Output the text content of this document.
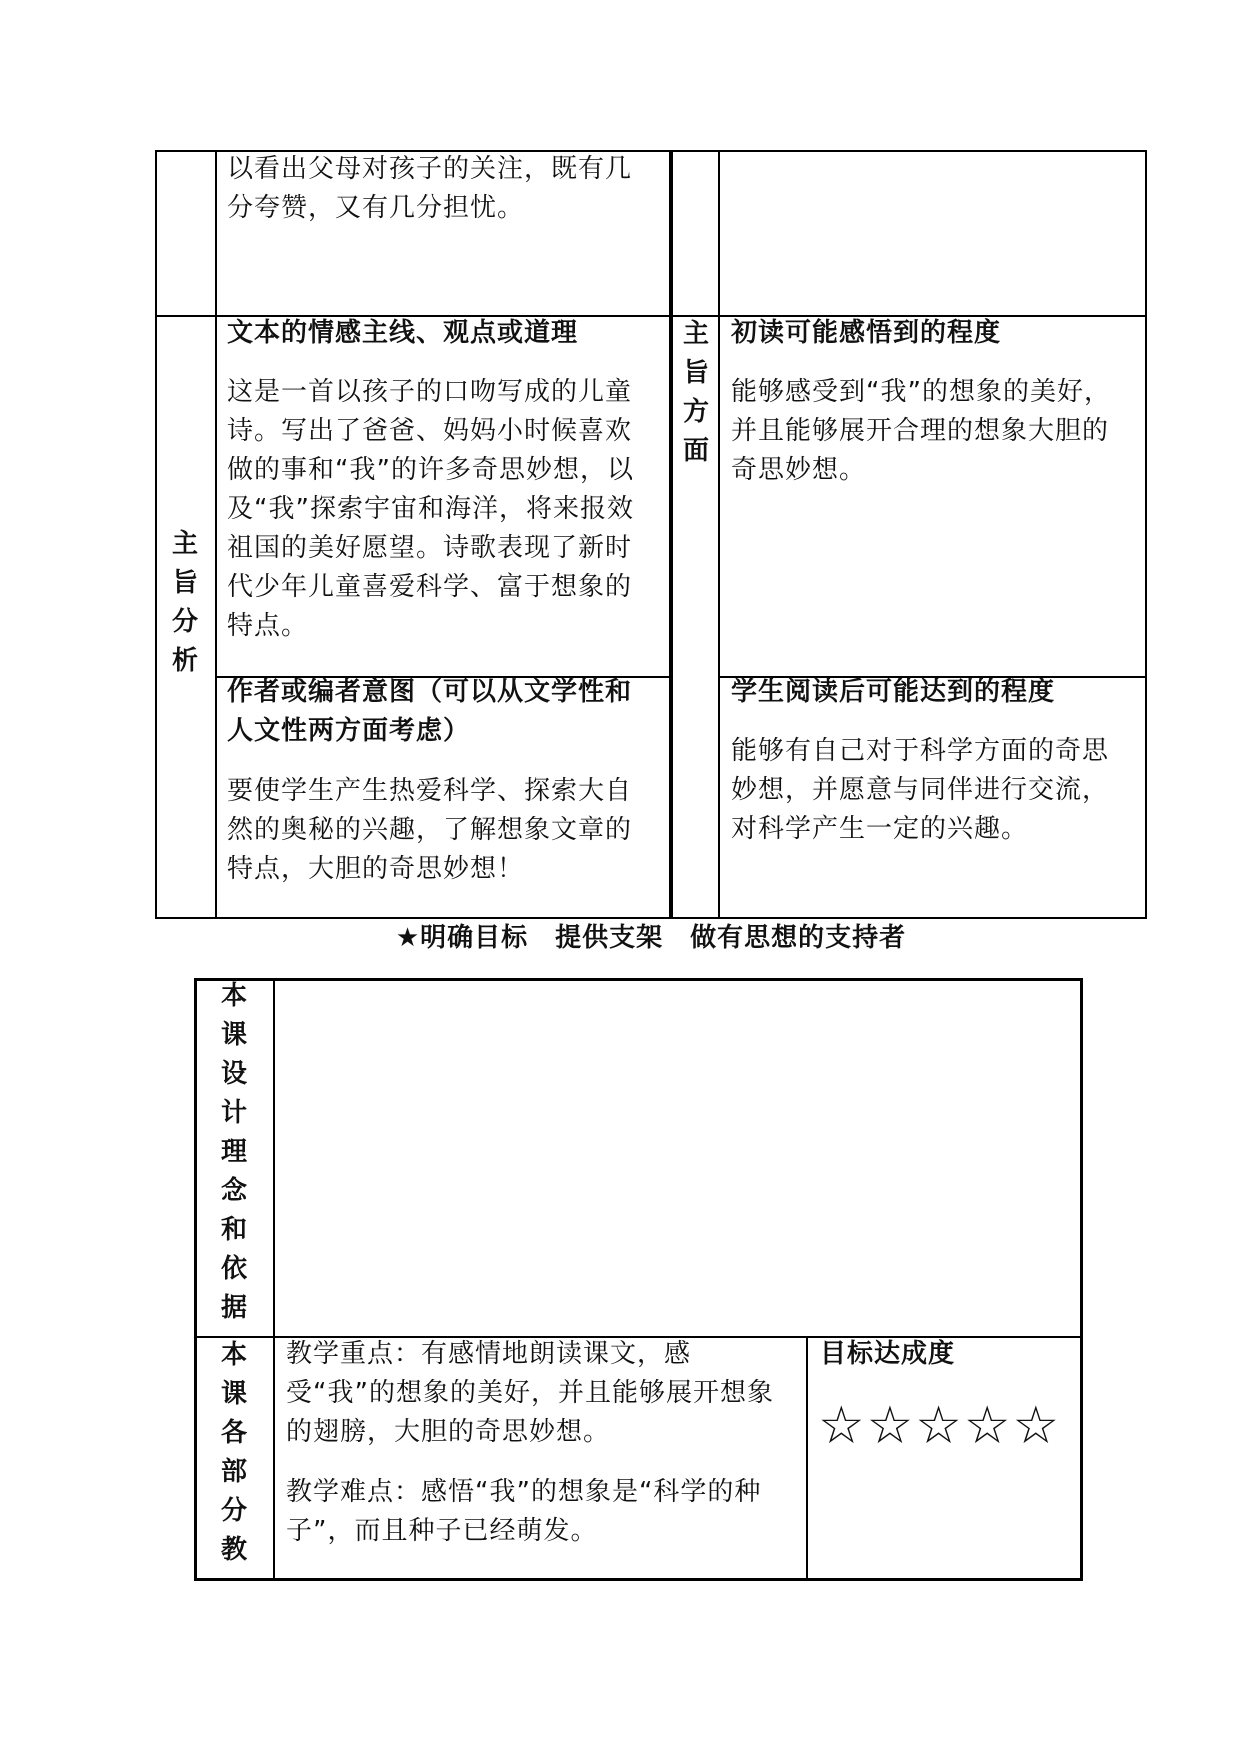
以看出父母对孩子的关注，既有几分夸赞，又有几分担忧。

主旨分析
主旨方面

文本的情感主线、观点或道理

这是一首以孩子的口吻写成的儿童诗。写出了爸爸、妈妈小时候喜欢做的事和“我”的许多奇思妙想，以及“我”探索宇宙和海洋，将来报效祖国的美好愿望。诗歌表现了新时代少年儿童喜爱科学、富于想象的特点。

初读可能感悟到的程度

能够感受到“我”的想象的美好，并且能够展开合理的想象大胆的奇思妙想。

作者或编者意图（可以从文学性和人文性两方面考虑）

要使学生产生热爱科学、探索大自然的奥秘的兴趣，了解想象文章的特点，大胆的奇思妙想！

学生阅读后可能达到的程度

能够有自己对于科学方面的奇思妙想，并愿意与同伴进行交流，对科学产生一定的兴趣。

★明确目标　提供支架　做有思想的支持者
本课设计理念和依据
本课各部分教

教学重点：有感情地朗读课文，感受“我”的想象的美好，并且能够展开想象的翅膀，大胆的奇思妙想。

教学难点：感悟“我”的想象是“科学的种子”，而且种子已经萌发。

目标达成度

☆☆☆☆☆
